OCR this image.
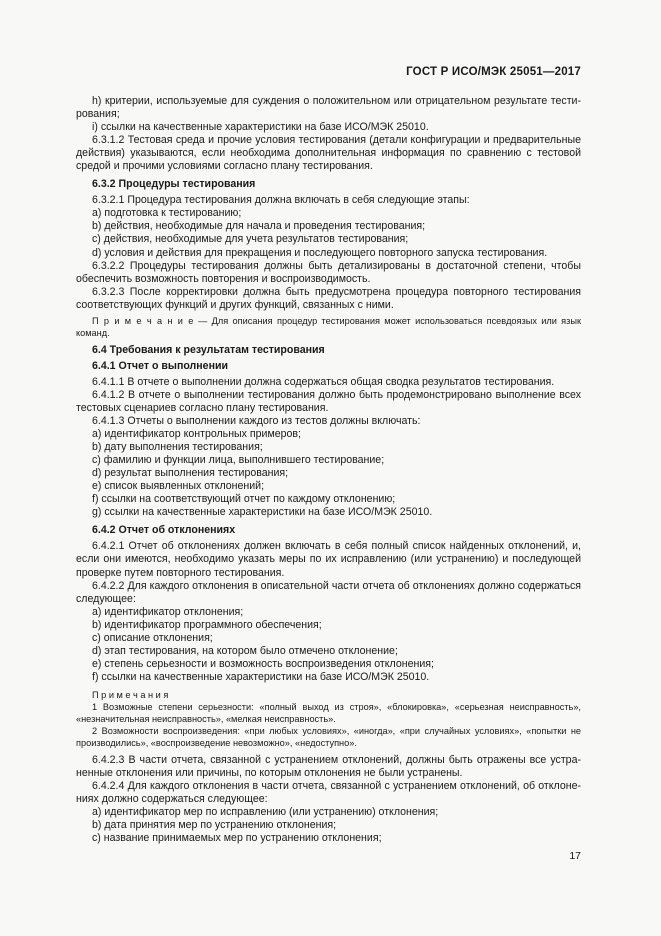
ГОСТ Р ИСО/МЭК 25051—2017

h) критерии, используемые для суждения о положительном или отрицательном результате тестирования;

i) ссылки на качественные характеристики на базе ИСО/МЭК 25010.

6.3.1.2 Тестовая среда и прочие условия тестирования (детали конфигурации и предварительные действия) указываются, если необходима дополнительная информация по сравнению с тестовой средой и прочими условиями согласно плану тестирования.

6.3.2 Процедуры тестирования

6.3.2.1 Процедура тестирования должна включать в себя следующие этапы:

a) подготовка к тестированию;

b) действия, необходимые для начала и проведения тестирования;

c) действия, необходимые для учета результатов тестирования;

d) условия и действия для прекращения и последующего повторного запуска тестирования.

6.3.2.2 Процедуры тестирования должны быть детализированы в достаточной степени, чтобы обеспечить возможность повторения и воспроизводимость.

6.3.2.3 После корректировки должна быть предусмотрена процедура повторного тестирования соответствующих функций и других функций, связанных с ними.

П р и м е ч а н и е — Для описания процедур тестирования может использоваться псевдоязых или язык команд.

6.4 Требования к результатам тестирования

6.4.1 Отчет о выполнении

6.4.1.1 В отчете о выполнении должна содержаться общая сводка результатов тестирования.

6.4.1.2 В отчете о выполнении тестирования должно быть продемонстрировано выполнение всех тестовых сценариев согласно плану тестирования.

6.4.1.3 Отчеты о выполнении каждого из тестов должны включать:

a) идентификатор контрольных примеров;

b) дату выполнения тестирования;

c) фамилию и функции лица, выполнившего тестирование;

d) результат выполнения тестирования;

e) список выявленных отклонений;

f) ссылки на соответствующий отчет по каждому отклонению;

g) ссылки на качественные характеристики на базе ИСО/МЭК 25010.

6.4.2 Отчет об отклонениях

6.4.2.1 Отчет об отклонениях должен включать в себя полный список найденных отклонений, и, если они имеются, необходимо указать меры по их исправлению (или устранению) и последующей проверке путем повторного тестирования.

6.4.2.2 Для каждого отклонения в описательной части отчета об отклонениях должно содержаться следующее:

a) идентификатор отклонения;

b) идентификатор программного обеспечения;

c) описание отклонения;

d) этап тестирования, на котором было отмечено отклонение;

e) степень серьезности и возможность воспроизведения отклонения;

f) ссылки на качественные характеристики на базе ИСО/МЭК 25010.

П р и м е ч а н и я

1 Возможные степени серьезности: «полный выход из строя», «блокировка», «серьезная неисправность», «незначительная неисправность», «мелкая неисправность».

2 Возможности воспроизведения: «при любых условиях», «иногда», «при случайных условиях», «попытки не производились», «воспроизведение невозможно», «недоступно».

6.4.2.3 В части отчета, связанной с устранением отклонений, должны быть отражены все устраненные отклонения или причины, по которым отклонения не были устранены.

6.4.2.4 Для каждого отклонения в части отчета, связанной с устранением отклонений, об отклонениях должно содержаться следующее:

a) идентификатор мер по исправлению (или устранению) отклонения;

b) дата принятия мер по устранению отклонения;

c) название принимаемых мер по устранению отклонения;

17
